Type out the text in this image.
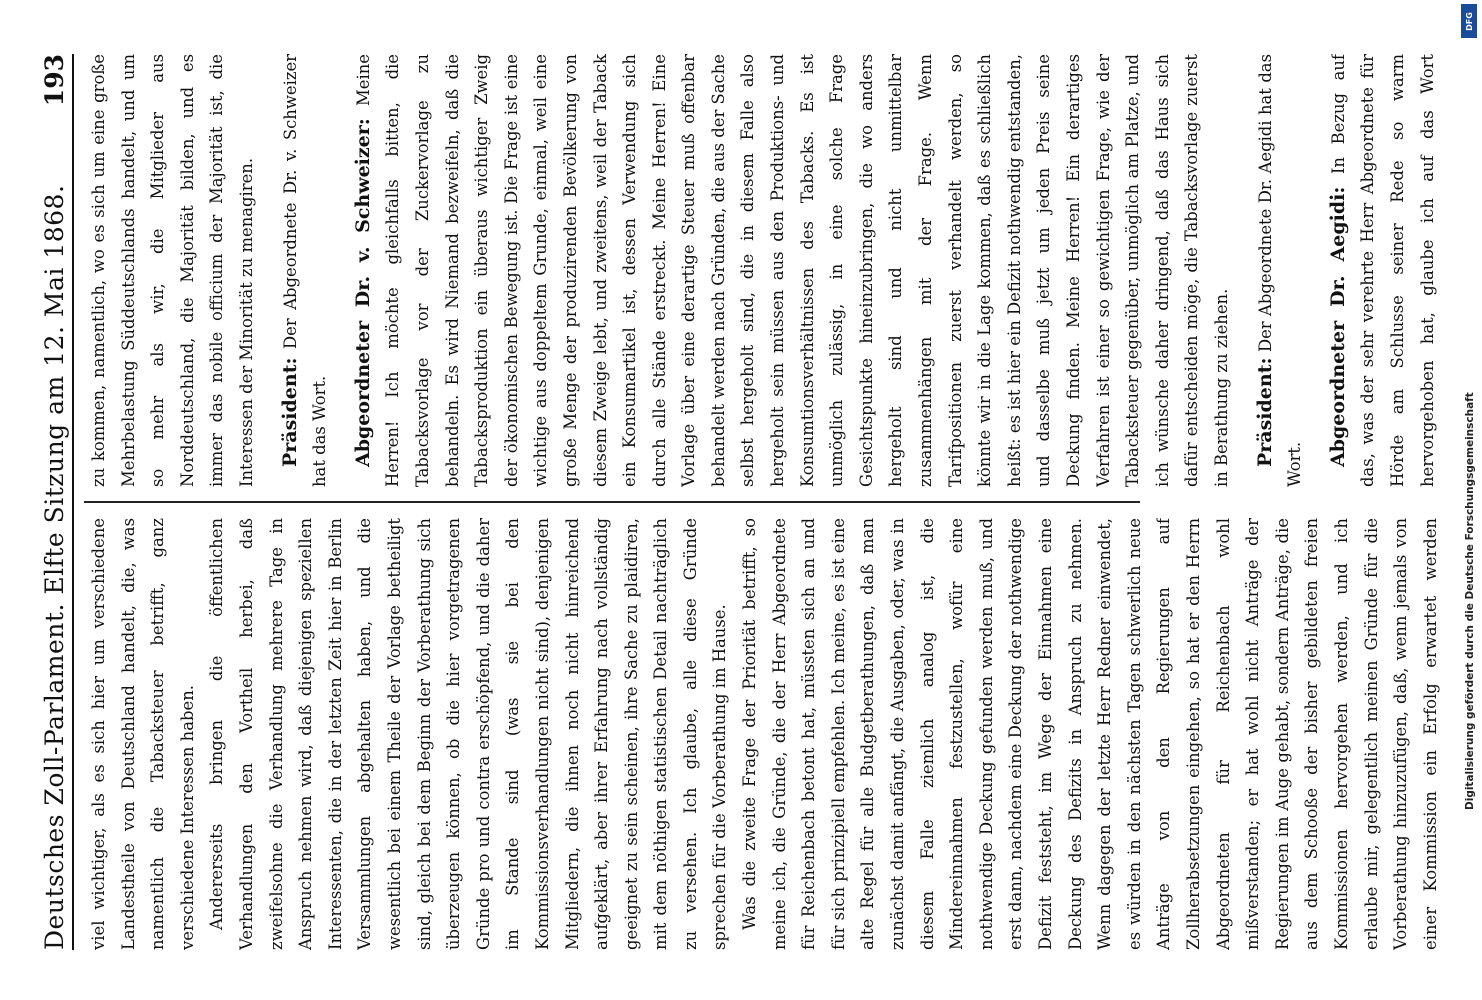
Deutsches Zoll-Parlament. Elfte Sitzung am 12. Mai 1868.
193

viel wichtiger, als es sich hier um verschiedene Landestheile von Deutschland handelt, die, was namentlich die Tabacksteuer betrifft, ganz verschiedene Interessen haben. Andererseits bringen die öffentlichen Verhandlungen den Vortheil herbei, daß zweifelsohne die Verhandlung mehrere Tage in Anspruch nehmen wird, daß diejenigen speziellen Interessenten, die in der letzten Zeit hier in Berlin Versammlungen abgehalten haben, und die wesentlich bei einem Theile der Vorlage betheiligt sind, gleich bei dem Beginn der Vorberathung sich überzeugen können, ob die hier vorgetragenen Gründe pro und contra erschöpfend, und die daher im Stande sind (was sie bei den Kommissionsverhandlungen nicht sind), denjenigen Mitgliedern, die ihnen noch nicht hinreichend aufgeklärt, aber ihrer Erfahrung nach vollständig geeignet zu sein scheinen, ihre Sache zu plaidiren, mit dem nöthigen statistischen Detail nachträglich zu versehen. Ich glaube, alle diese Gründe sprechen für die Vorberathung im Hause. Was die zweite Frage der Priorität betrifft, so meine ich, die Gründe, die der Herr Abgeordnete für Reichenbach betont hat, müssten sich an und für sich prinzipiell empfehlen. Ich meine, es ist eine alte Regel für alle Budgetberathungen, daß man zunächst damit anfängt, die Ausgaben, oder, was in diesem Falle ziemlich analog ist, die Mindereinnahmen festzustellen, wofür eine nothwendige Deckung gefunden werden muß, und erst dann, nachdem eine Deckung der nothwendige Defizit feststeht, im Wege der Einnahmen eine Deckung des Defizits in Anspruch zu nehmen. Wenn dagegen der letzte Herr Redner einwendet, es würden in den nächsten Tagen schwerlich neue Anträge von den Regierungen auf Zollherabsetzungen eingehen, so hat er den Herrn Abgeordneten für Reichenbach wohl mißverstanden; er hat wohl nicht Anträge der Regierungen im Auge gehabt, sondern Anträge, die aus dem Schooße der bisher gebildeten freien Kommissionen hervorgehen werden, und ich erlaube mir, gelegentlich meinen Gründe für die Vorberathung hinzuzufügen, daß, wenn jemals von einer Kommission ein Erfolg erwartet werden

zu kommen, namentlich, wo es sich um eine große Mehrbelastung Süddeutschlands handelt, und um so mehr als wir, die Mitglieder aus Norddeutschland, die Majorität bilden, und es immer das nobile officium der Majorität ist, die Interessen der Minorität zu menagiren. Präsident: Der Abgeordnete Dr. v. Schweizer hat das Wort. Abgeordneter Dr. v. Schweizer: Meine Herren! Ich möchte gleichfalls bitten, die Tabacksvorlage vor der Zuckervorlage zu behandeln. Es wird Niemand bezweifeln, daß die Tabacksproduktion ein überaus wichtiger Zweig der ökonomischen Bewegung ist. Die Frage ist eine wichtige aus doppeltem Grunde, einmal, weil eine große Menge der produzirenden Bevölkerung von diesem Zweige lebt, und zweitens, weil der Taback ein Konsumartikel ist, dessen Verwendung sich durch alle Stände erstreckt. Meine Herren! Eine Vorlage über eine derartige Steuer muß offenbar behandelt werden nach Gründen, die aus der Sache selbst hergeholt sind, die in diesem Falle also hergeholt sein müssen aus den Produktions- und Konsumtionsverhältnissen des Tabacks. Es ist unmöglich zulässig, in eine solche Frage Gesichtspunkte hineinzubringen, die wo anders hergeholt sind und nicht unmittelbar zusammenhängen mit der Frage. Wenn Tarifpositionen zuerst verhandelt werden, so könnte wir in die Lage kommen, daß es schließlich heißt: es ist hier ein Defizit nothwendig entstanden, und dasselbe muß jetzt um jeden Preis seine Deckung finden. Meine Herren! Ein derartiges Verfahren ist einer so gewichtigen Frage, wie der Tabacksteuer gegenüber, unmöglich am Platze, und ich wünsche daher dringend, daß das Haus sich dafür entscheiden möge, die Tabacksvorlage zuerst in Berathung zu ziehen. Präsident: Der Abgeordnete Dr. Aegidi hat das Wort. Abgeordneter Dr. Aegidi: In Bezug auf das, was der sehr verehrte Herr Abgeordnete für Hörde am Schlusse seiner Rede so warm hervorgehoben hat, glaube ich auf das Wort

Digitalisierung gefördert durch die Deutsche Forschungsgemeinschaft
DFG
